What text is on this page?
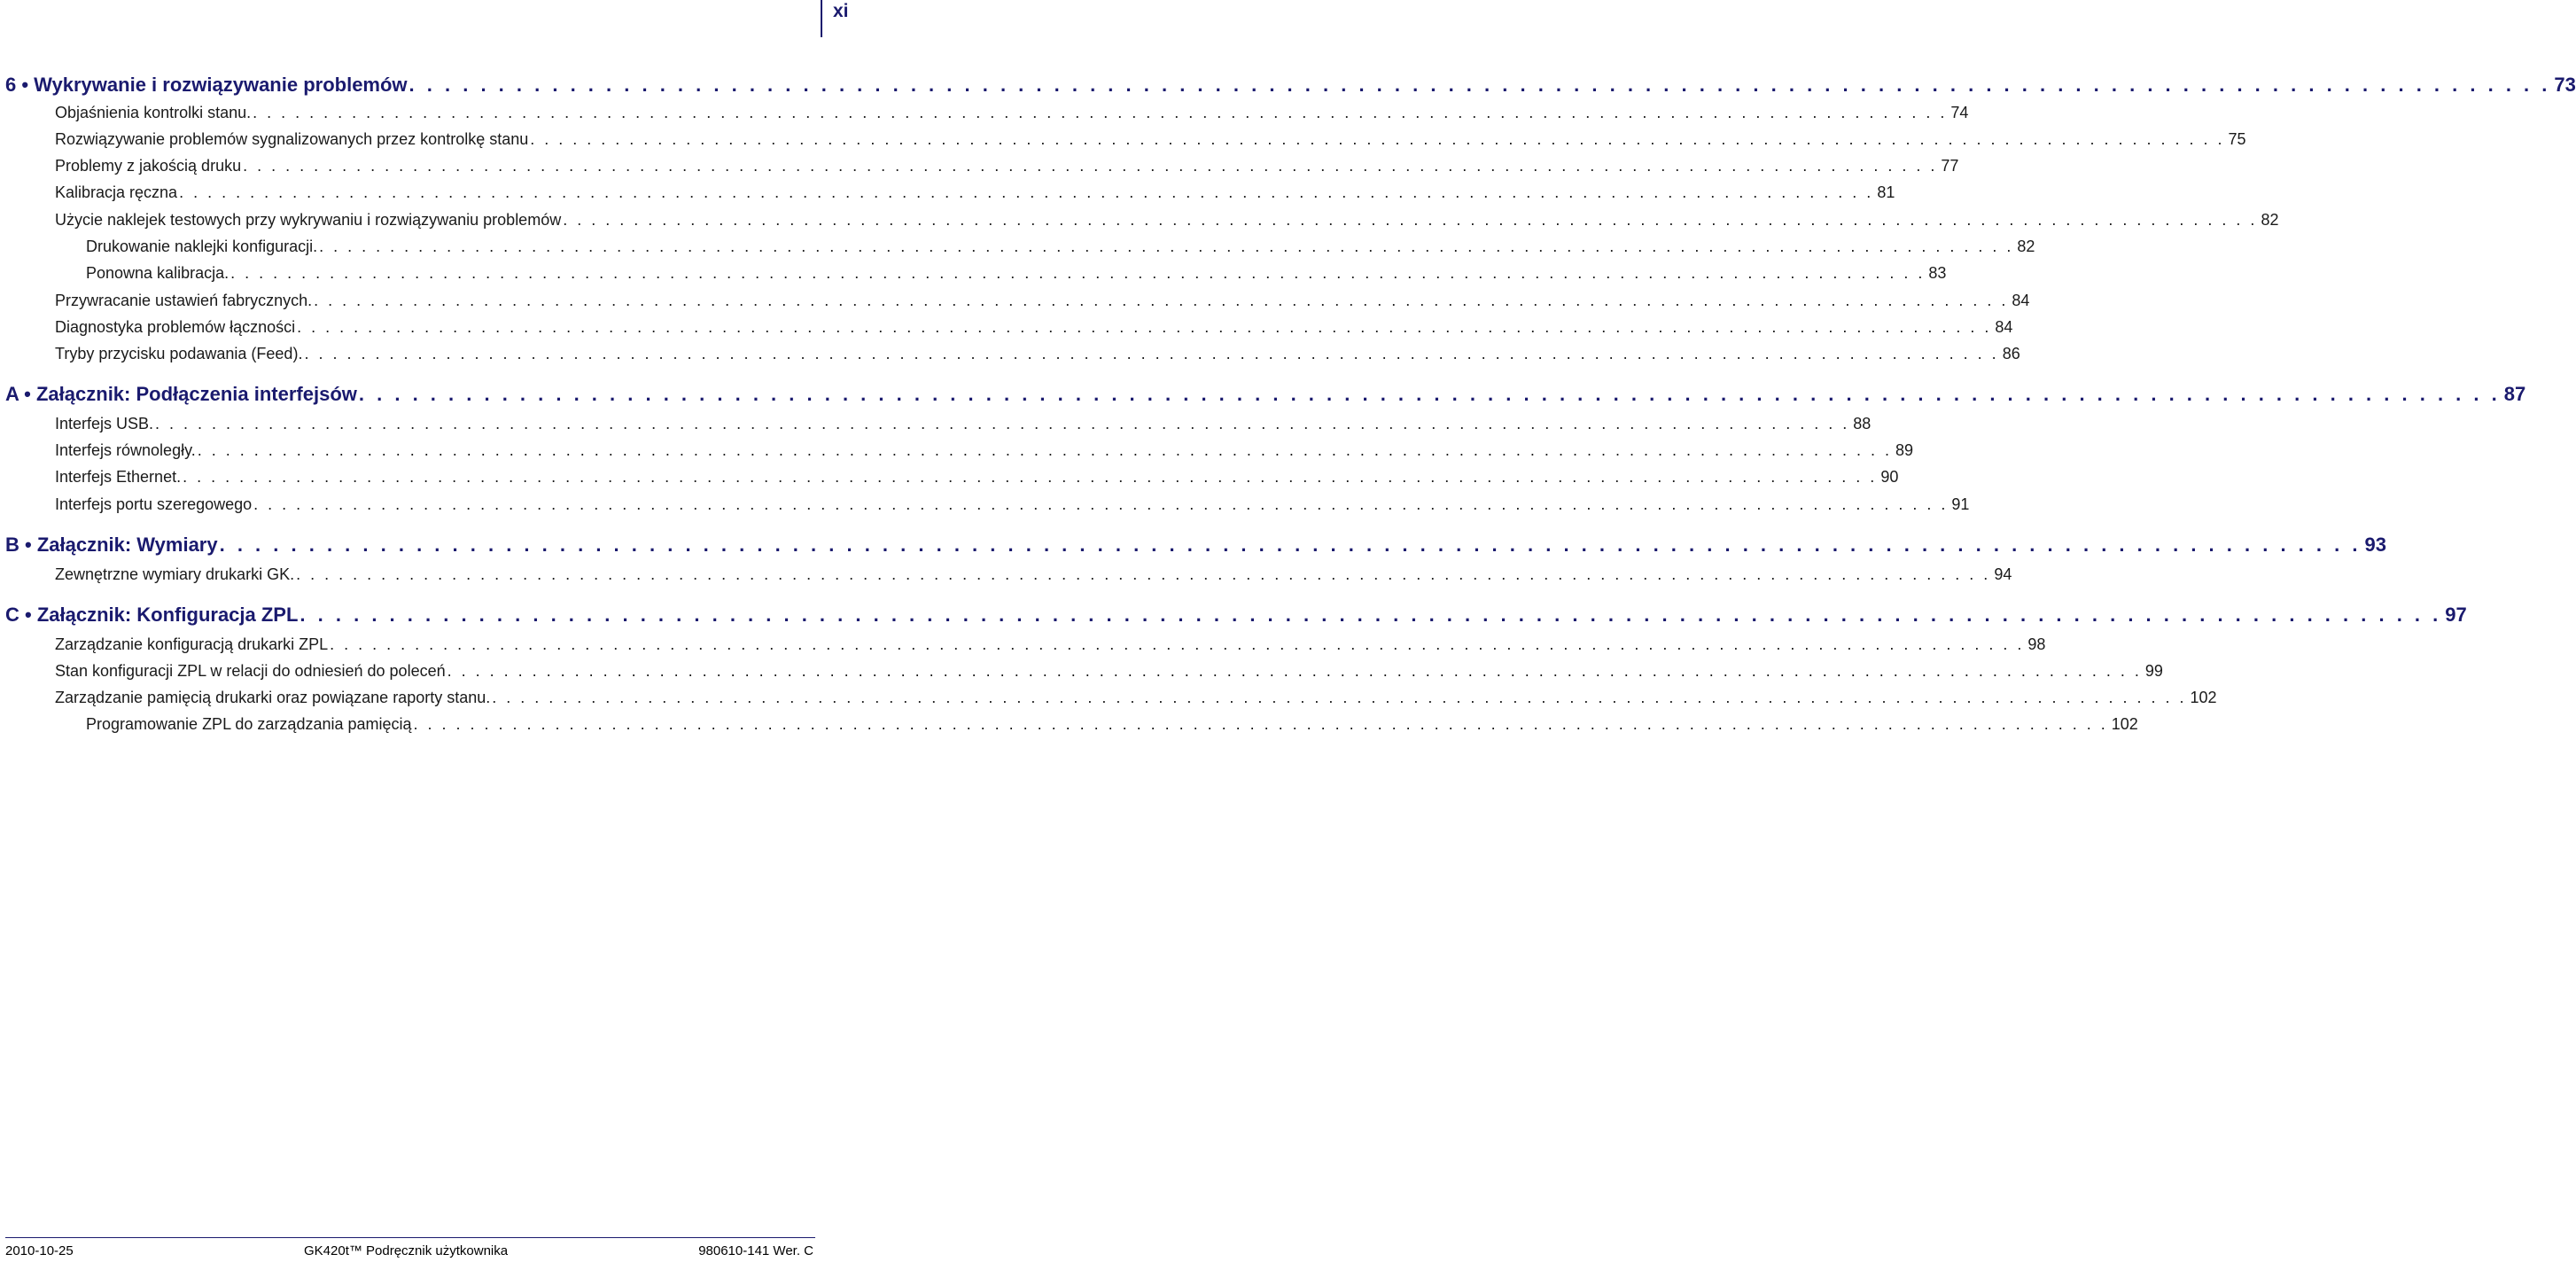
xi
6 • Wykrywanie i rozwiązywanie problemów . . . . . . . . . . . . . . . . . . . . . . . . . . . . . . . . . . . . . . . . . . . . . . . . . . . . . . . . . . . . . . . . . . . . . . . . . . . . . . . . . . . . . . . . . . . . . . . . . . . . . . . . . . . . . . . . . . . . . . . . 73
Objaśnienia kontrolki stanu. . . . . . . . . . . . . . . . . . . . . . . . . . . . . . . . . . . . . . . . . . . . . . . . . . . . . . . . . . . . . . . . . . . . . . . . . . . . . . . . . . . . . . . . . . . . . . . . . . . . . . . . . . . . . . . . . . . . . . . . . 74
Rozwiązywanie problemów sygnalizowanych przez kontrolkę stanu . . . . . . . . . . . . . . . . . . . . . . . . . . . . . . . . . . . . . . . . . . . . . . . . . . . . . . . . . . . . . . . . . . . . . . . . . . . . . . . . . . . . . . . . . . . . . . . . . . . . . . . . . . . . . . . . . . . . . . . . 75
Problemy z jakością druku . . . . . . . . . . . . . . . . . . . . . . . . . . . . . . . . . . . . . . . . . . . . . . . . . . . . . . . . . . . . . . . . . . . . . . . . . . . . . . . . . . . . . . . . . . . . . . . . . . . . . . . . . . . . . . . . . . . . . . . . 77
Kalibracja ręczna . . . . . . . . . . . . . . . . . . . . . . . . . . . . . . . . . . . . . . . . . . . . . . . . . . . . . . . . . . . . . . . . . . . . . . . . . . . . . . . . . . . . . . . . . . . . . . . . . . . . . . . . . . . . . . . . . . . . . . . . 81
Użycie naklejek testowych przy wykrywaniu i rozwiązywaniu problemów . . . . . . . . . . . . . . . . . . . . . . . . . . . . . . . . . . . . . . . . . . . . . . . . . . . . . . . . . . . . . . . . . . . . . . . . . . . . . . . . . . . . . . . . . . . . . . . . . . . . . . . . . . . . . . . . . . . . . . . . 82
Drukowanie naklejki konfiguracji. . . . . . . . . . . . . . . . . . . . . . . . . . . . . . . . . . . . . . . . . . . . . . . . . . . . . . . . . . . . . . . . . . . . . . . . . . . . . . . . . . . . . . . . . . . . . . . . . . . . . . . . . . . . . . . . . . . . . . . . . 82
Ponowna kalibracja. . . . . . . . . . . . . . . . . . . . . . . . . . . . . . . . . . . . . . . . . . . . . . . . . . . . . . . . . . . . . . . . . . . . . . . . . . . . . . . . . . . . . . . . . . . . . . . . . . . . . . . . . . . . . . . . . . . . . . . . . 83
Przywracanie ustawień fabrycznych. . . . . . . . . . . . . . . . . . . . . . . . . . . . . . . . . . . . . . . . . . . . . . . . . . . . . . . . . . . . . . . . . . . . . . . . . . . . . . . . . . . . . . . . . . . . . . . . . . . . . . . . . . . . . . . . . . . . . . . . . 84
Diagnostyka problemów łączności . . . . . . . . . . . . . . . . . . . . . . . . . . . . . . . . . . . . . . . . . . . . . . . . . . . . . . . . . . . . . . . . . . . . . . . . . . . . . . . . . . . . . . . . . . . . . . . . . . . . . . . . . . . . . . . . . . . . . . . . 84
Tryby przycisku podawania (Feed). . . . . . . . . . . . . . . . . . . . . . . . . . . . . . . . . . . . . . . . . . . . . . . . . . . . . . . . . . . . . . . . . . . . . . . . . . . . . . . . . . . . . . . . . . . . . . . . . . . . . . . . . . . . . . . . . . . . . . . . . 86
A • Załącznik: Podłączenia interfejsów . . . . . . . . . . . . . . . . . . . . . . . . . . . . . . . . . . . . . . . . . . . . . . . . . . . . . . . . . . . . . . . . . . . . . . . . . . . . . . . . . . . . . . . . . . . . . . . . . . . . . . . . . . . . . . . . . . . . . . . . 87
Interfejs USB. . . . . . . . . . . . . . . . . . . . . . . . . . . . . . . . . . . . . . . . . . . . . . . . . . . . . . . . . . . . . . . . . . . . . . . . . . . . . . . . . . . . . . . . . . . . . . . . . . . . . . . . . . . . . . . . . . . . . . . . . 88
Interfejs równoległy. . . . . . . . . . . . . . . . . . . . . . . . . . . . . . . . . . . . . . . . . . . . . . . . . . . . . . . . . . . . . . . . . . . . . . . . . . . . . . . . . . . . . . . . . . . . . . . . . . . . . . . . . . . . . . . . . . . . . . . . . 89
Interfejs Ethernet. . . . . . . . . . . . . . . . . . . . . . . . . . . . . . . . . . . . . . . . . . . . . . . . . . . . . . . . . . . . . . . . . . . . . . . . . . . . . . . . . . . . . . . . . . . . . . . . . . . . . . . . . . . . . . . . . . . . . . . . . 90
Interfejs portu szeregowego . . . . . . . . . . . . . . . . . . . . . . . . . . . . . . . . . . . . . . . . . . . . . . . . . . . . . . . . . . . . . . . . . . . . . . . . . . . . . . . . . . . . . . . . . . . . . . . . . . . . . . . . . . . . . . . . . . . . . . . . 91
B • Załącznik: Wymiary . . . . . . . . . . . . . . . . . . . . . . . . . . . . . . . . . . . . . . . . . . . . . . . . . . . . . . . . . . . . . . . . . . . . . . . . . . . . . . . . . . . . . . . . . . . . . . . . . . . . . . . . . . . . . . . . . . . . . . . . 93
Zewnętrzne wymiary drukarki GK. . . . . . . . . . . . . . . . . . . . . . . . . . . . . . . . . . . . . . . . . . . . . . . . . . . . . . . . . . . . . . . . . . . . . . . . . . . . . . . . . . . . . . . . . . . . . . . . . . . . . . . . . . . . . . . . . . . . . . . . . 94
C • Załącznik: Konfiguracja ZPL . . . . . . . . . . . . . . . . . . . . . . . . . . . . . . . . . . . . . . . . . . . . . . . . . . . . . . . . . . . . . . . . . . . . . . . . . . . . . . . . . . . . . . . . . . . . . . . . . . . . . . . . . . . . . . . . . . . . . . . . 97
Zarządzanie konfiguracją drukarki ZPL . . . . . . . . . . . . . . . . . . . . . . . . . . . . . . . . . . . . . . . . . . . . . . . . . . . . . . . . . . . . . . . . . . . . . . . . . . . . . . . . . . . . . . . . . . . . . . . . . . . . . . . . . . . . . . . . . . . . . . . . 98
Stan konfiguracji ZPL w relacji do odniesień do poleceń . . . . . . . . . . . . . . . . . . . . . . . . . . . . . . . . . . . . . . . . . . . . . . . . . . . . . . . . . . . . . . . . . . . . . . . . . . . . . . . . . . . . . . . . . . . . . . . . . . . . . . . . . . . . . . . . . . . . . . . . 99
Zarządzanie pamięcią drukarki oraz powiązane raporty stanu. . . . . . . . . . . . . . . . . . . . . . . . . . . . . . . . . . . . . . . . . . . . . . . . . . . . . . . . . . . . . . . . . . . . . . . . . . . . . . . . . . . . . . . . . . . . . . . . . . . . . . . . . . . . . . . . . . . . . . . . . 102
Programowanie ZPL do zarządzania pamięcią . . . . . . . . . . . . . . . . . . . . . . . . . . . . . . . . . . . . . . . . . . . . . . . . . . . . . . . . . . . . . . . . . . . . . . . . . . . . . . . . . . . . . . . . . . . . . . . . . . . . . . . . . . . . . . . . . . . . . . . . 102
2010-10-25	GK420t™ Podręcznik użytkownika	980610-141 Wer. C
